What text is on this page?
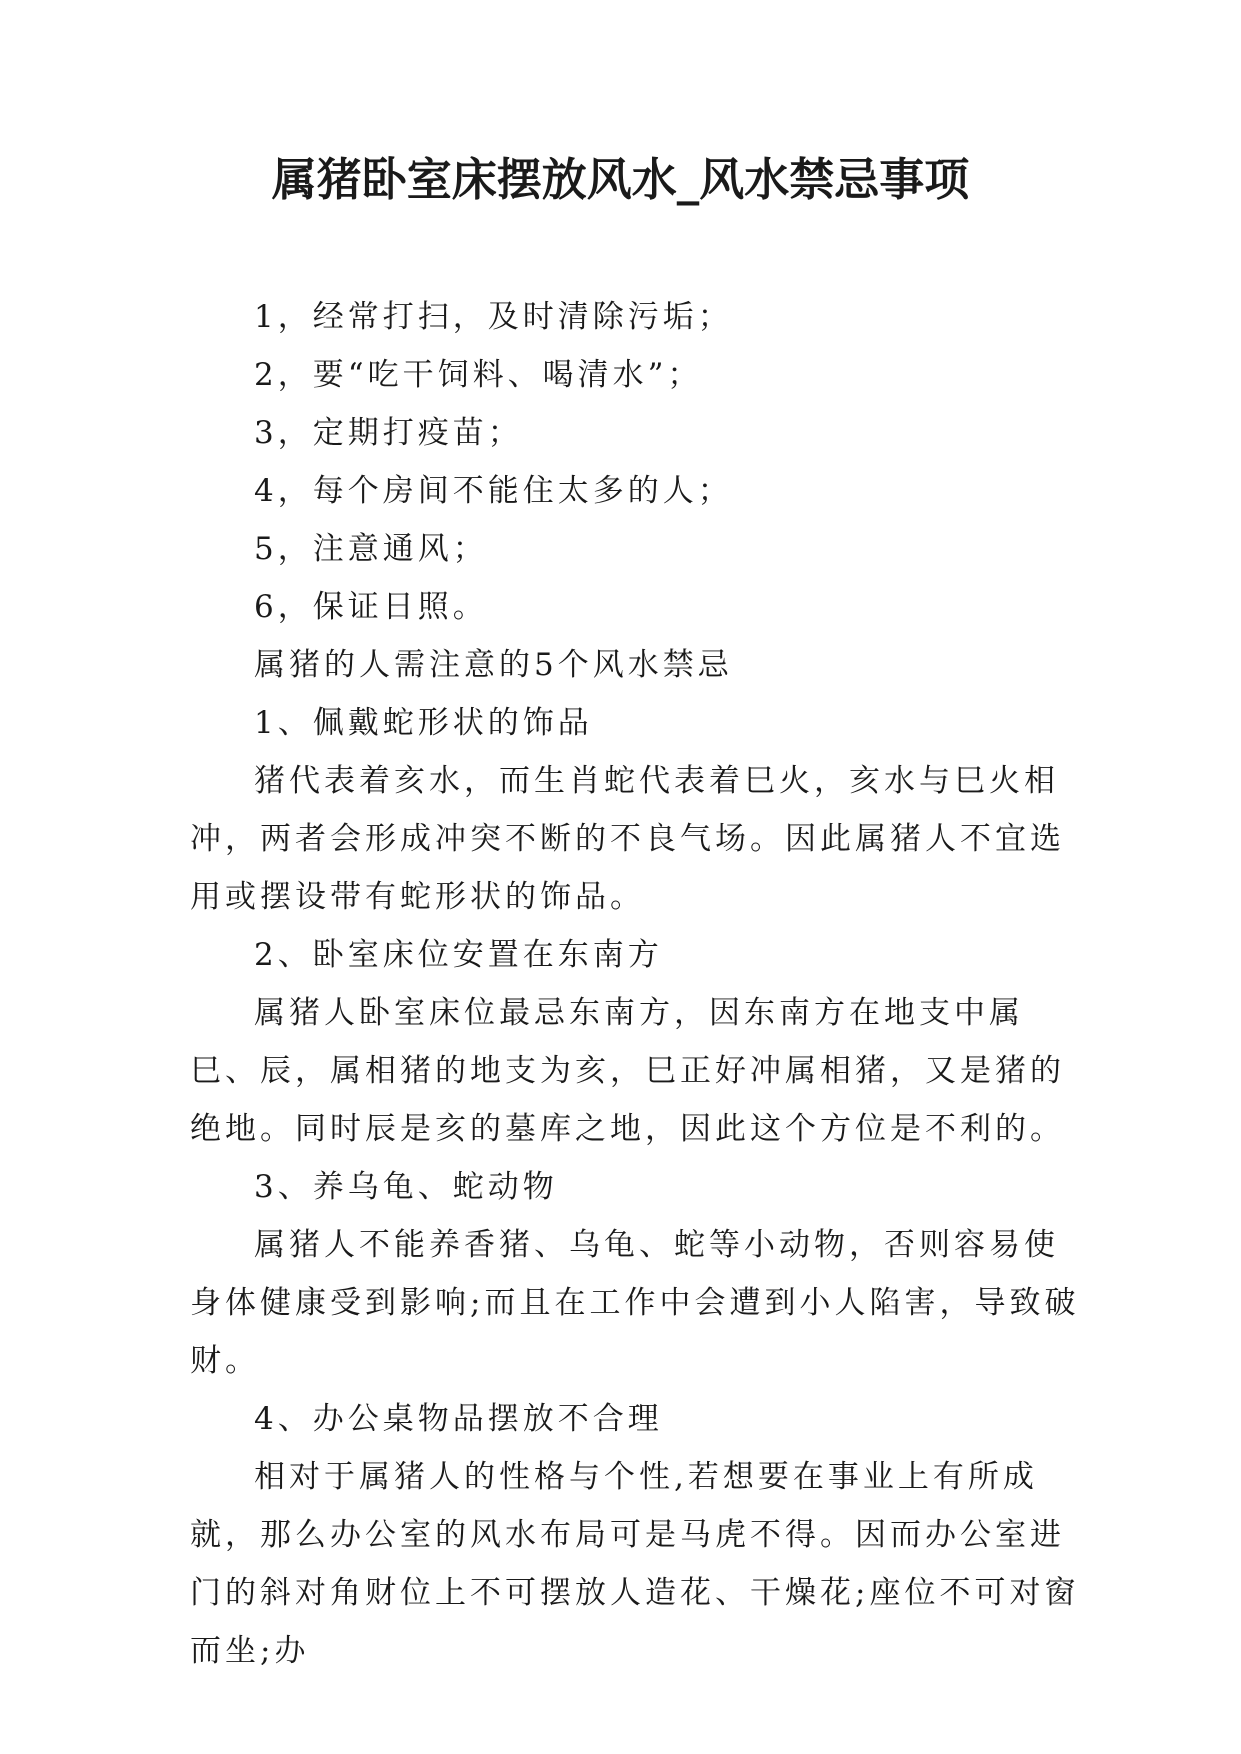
属猪卧室床摆放风水_风水禁忌事项

1，经常打扫，及时清除污垢；

2，要“吃干饲料、喝清水”；

3，定期打疫苗；

4，每个房间不能住太多的人；

5，注意通风；

6，保证日照。

属猪的人需注意的5个风水禁忌

1、佩戴蛇形状的饰品

猪代表着亥水，而生肖蛇代表着巳火，亥水与巳火相冲，两者会形成冲突不断的不良气场。因此属猪人不宜选用或摆设带有蛇形状的饰品。

2、卧室床位安置在东南方

属猪人卧室床位最忌东南方，因东南方在地支中属巳、辰，属相猪的地支为亥，巳正好冲属相猪，又是猪的绝地。同时辰是亥的墓库之地，因此这个方位是不利的。

3、养乌龟、蛇动物

属猪人不能养香猪、乌龟、蛇等小动物，否则容易使身体健康受到影响;而且在工作中会遭到小人陷害，导致破财。

4、办公桌物品摆放不合理

相对于属猪人的性格与个性,若想要在事业上有所成就，那么办公室的风水布局可是马虎不得。因而办公室进门的斜对角财位上不可摆放人造花、干燥花;座位不可对窗而坐;办
